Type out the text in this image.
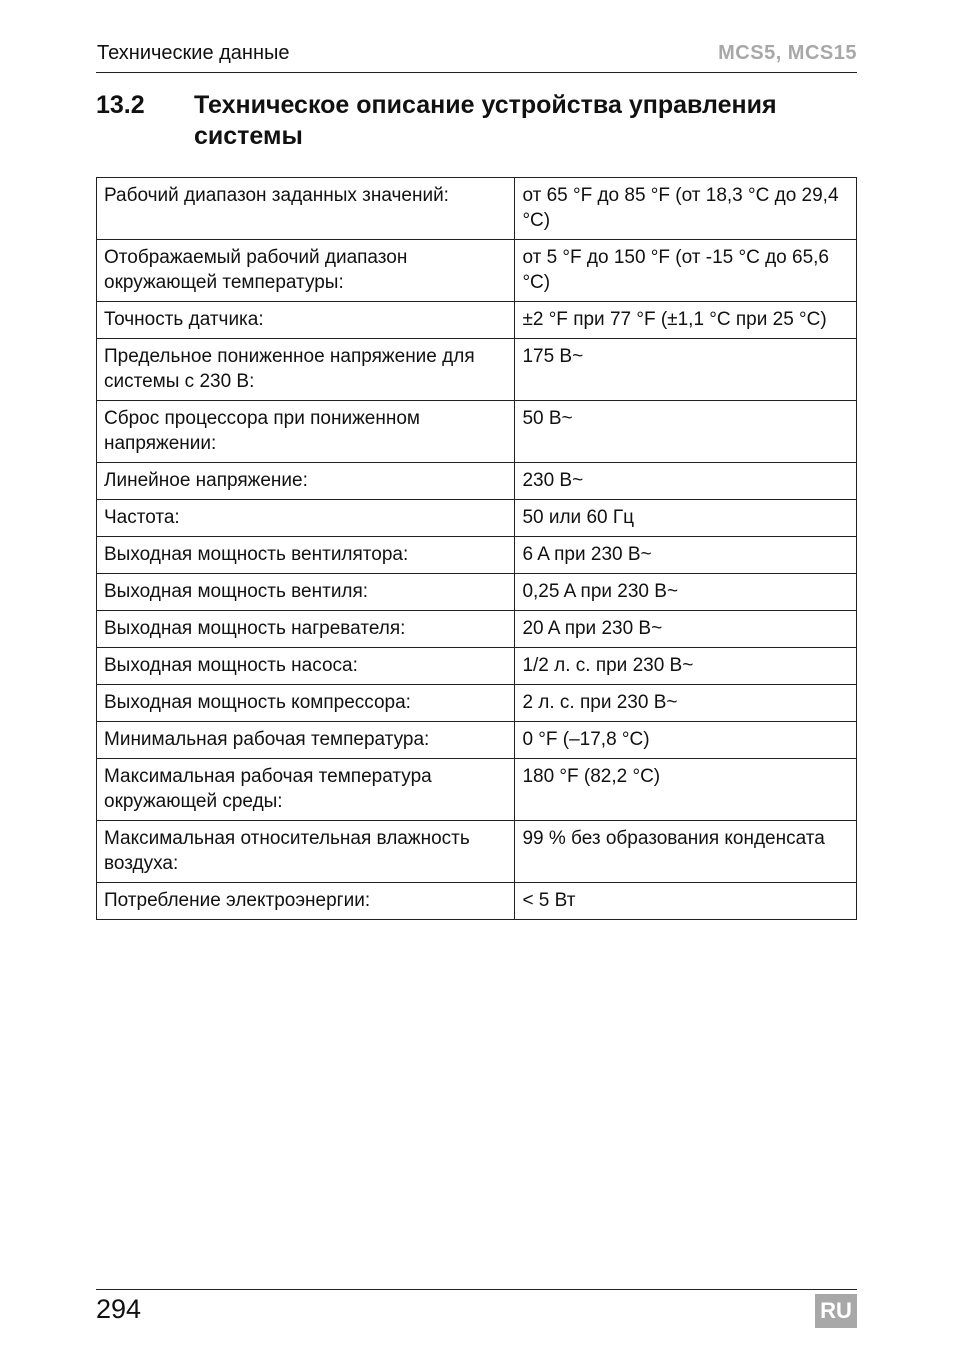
Технические данные	MCS5, MCS15
13.2 Техническое описание устройства управления системы
Рабочий диапазон заданных значений:	от 65 °F до 85 °F (от 18,3 °C до 29,4 °C)
Отображаемый рабочий диапазон окружающей температуры:	от 5 °F до 150 °F (от -15 °C до 65,6 °C)
Точность датчика:	±2 °F при 77 °F (±1,1 °C при 25 °C)
Предельное пониженное напряжение для системы с 230 В:	175 В~
Сброс процессора при пониженном напряжении:	50 В~
Линейное напряжение:	230 В~
Частота:	50 или 60 Гц
Выходная мощность вентилятора:	6 A при 230 В~
Выходная мощность вентиля:	0,25 A при 230 В~
Выходная мощность нагревателя:	20 A при 230 В~
Выходная мощность насоса:	1/2 л. с. при 230 В~
Выходная мощность компрессора:	2 л. с. при 230 В~
Минимальная рабочая температура:	0 °F (–17,8 °C)
Максимальная рабочая температура окружающей среды:	180 °F (82,2 °C)
Максимальная относительная влажность воздуха:	99 % без образования конденсата
Потребление электроэнергии:	< 5 Вт
294	RU
